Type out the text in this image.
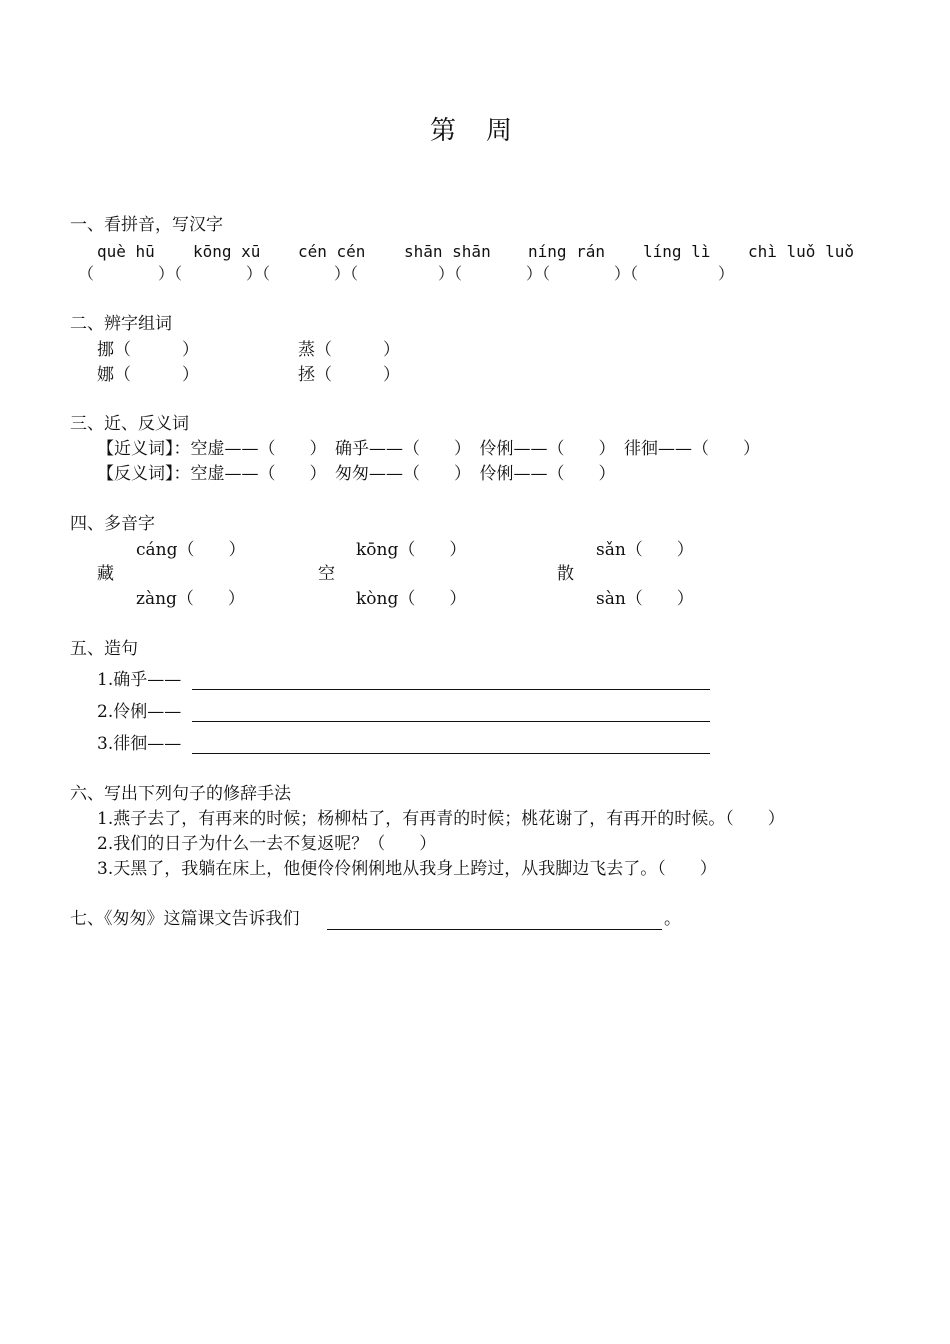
第　周
一、看拼音，写汉字
què hū kōng xū cén cén shān shān níng rán líng lì chì luǒ luǒ
（　　　　）（　　　　）（　　　　）（　　　　　）（　　　　）（　　　　）（　　　　　）
二、辨字组词
挪（　　　）	蒸（　　　）
娜（　　　）	拯（　　　）
三、近、反义词
【近义词】：空虚——（　　）　确乎——（　　）　伶俐——（　　）　徘徊——（　　）
【反义词】：空虚——（　　）　匆匆——（　　）　伶俐——（　　）
四、多音字
cáng（　　）	kōng（　　）	sǎn（　　）
藏	空	散
zàng（　　）	kòng（　　）	sàn（　　）
五、造句
1.确乎——
2.伶俐——
3.徘徊——
六、写出下列句子的修辞手法
1.燕子去了，有再来的时候；杨柳枯了，有再青的时候；桃花谢了，有再开的时候。（　　）
2.我们的日子为什么一去不复返呢？（　　）
3.天黑了，我躺在床上，他便伶伶俐俐地从我身上跨过，从我脚边飞去了。（　　）
七、《匆匆》这篇课文告诉我们	。
